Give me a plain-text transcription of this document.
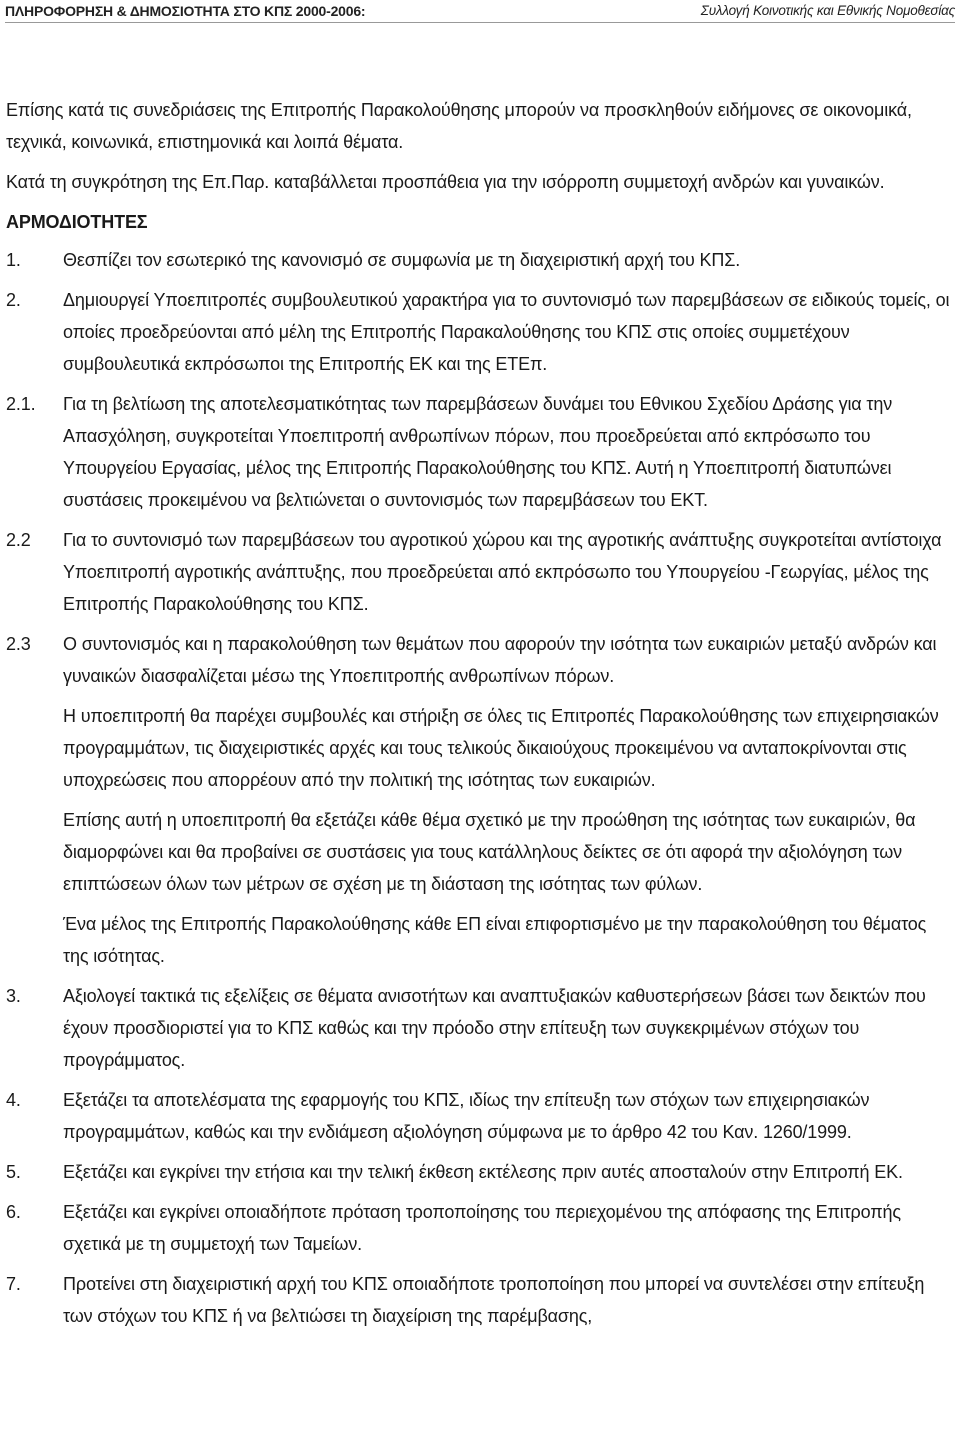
ΠΛΗΡΟΦΟΡΗΣΗ & ΔΗΜΟΣΙΟΤΗΤΑ ΣΤΟ ΚΠΣ 2000-2006:	Συλλογή Κοινοτικής και Εθνικής Νομοθεσίας

Επίσης κατά τις συνεδριάσεις της Επιτροπής Παρακολούθησης μπορούν να προσκληθούν ειδήμονες σε οικονομικά, τεχνικά, κοινωνικά, επιστημονικά και λοιπά θέματα.

Κατά τη συγκρότηση της Επ.Παρ. καταβάλλεται προσπάθεια για την ισόρροπη συμμετοχή ανδρών και γυναικών.

ΑΡΜΟΔΙΟΤΗΤΕΣ

1.	Θεσπίζει τον εσωτερικό της κανονισμό σε συμφωνία με τη διαχειριστική αρχή του ΚΠΣ.
2.	Δημιουργεί Υποεπιτροπές συμβουλευτικού χαρακτήρα για το συντονισμό των παρεμβάσεων σε ειδικούς τομείς, οι οποίες προεδρεύονται από μέλη της Επιτροπής Παρακαλούθησης του ΚΠΣ στις οποίες συμμετέχουν συμβουλευτικά εκπρόσωποι της Επιτροπής ΕΚ και της ΕΤΕπ.
2.1.	Για τη βελτίωση της αποτελεσματικότητας των παρεμβάσεων δυνάμει του Εθνικου Σχεδίου Δράσης για την Απασχόληση, συγκροτείται Υποεπιτροπή ανθρωπίνων πόρων, που προεδρεύεται από εκπρόσωπο του Υπουργείου Εργασίας, μέλος της Επιτροπής Παρακολούθησης του ΚΠΣ. Αυτή η Υποεπιτροπή διατυπώνει συστάσεις προκειμένου να βελτιώνεται ο συντονισμός των παρεμβάσεων του ΕΚΤ.
2.2	Για το συντονισμό των παρεμβάσεων του αγροτικού χώρου και της αγροτικής ανάπτυξης συγκροτείται αντίστοιχα Υποεπιτροπή αγροτικής ανάπτυξης, που προεδρεύεται από εκπρόσωπο του Υπουργείου -Γεωργίας, μέλος της Επιτροπής Παρακολούθησης του ΚΠΣ.
2.3	Ο συντονισμός και η παρακολούθηση των θεμάτων που αφορούν την ισότητα των ευκαιριών μεταξύ ανδρών και γυναικών διασφαλίζεται μέσω της Υποεπιτροπής ανθρωπίνων πόρων.

Η υποεπιτροπή θα παρέχει συμβουλές και στήριξη σε όλες τις Επιτροπές Παρακολούθησης των επιχειρησιακών προγραμμάτων, τις διαχειριστικές αρχές και τους τελικούς δικαιούχους προκειμένου να ανταποκρίνονται στις υποχρεώσεις που απορρέουν από την πολιτική της ισότητας των ευκαιριών.

Επίσης αυτή η υποεπιτροπή θα εξετάζει κάθε θέμα σχετικό με την προώθηση της ισότητας των ευκαιριών, θα διαμορφώνει και θα προβαίνει σε συστάσεις για τους κατάλληλους δείκτες σε ότι αφορά την αξιολόγηση των επιπτώσεων όλων των μέτρων σε σχέση με τη διάσταση της ισότητας των φύλων.

Ένα μέλος της Επιτροπής Παρακολούθησης κάθε ΕΠ είναι επιφορτισμένο με την παρακολούθηση του θέματος της ισότητας.

3.	Αξιολογεί τακτικά τις εξελίξεις σε θέματα ανισοτήτων και αναπτυξιακών καθυστερήσεων βάσει των δεικτών που έχουν προσδιοριστεί για το ΚΠΣ καθώς και την πρόοδο στην επίτευξη των συγκεκριμένων στόχων του προγράμματος.
4.	Εξετάζει τα αποτελέσματα της εφαρμογής του ΚΠΣ, ιδίως την επίτευξη των στόχων των επιχειρησιακών προγραμμάτων, καθώς και την ενδιάμεση αξιολόγηση σύμφωνα με το άρθρο 42 του Καν. 1260/1999.
5.	Εξετάζει και εγκρίνει την ετήσια και την τελική έκθεση εκτέλεσης πριν αυτές αποσταλούν στην Επιτροπή ΕΚ.
6.	Εξετάζει και εγκρίνει οποιαδήποτε πρόταση τροποποίησης του περιεχομένου της απόφασης της Επιτροπής σχετικά με τη συμμετοχή των Ταμείων.
7.	Προτείνει στη διαχειριστική αρχή του ΚΠΣ οποιαδήποτε τροποποίηση που μπορεί να συντελέσει στην επίτευξη των στόχων του ΚΠΣ ή να βελτιώσει τη διαχείριση της παρέμβασης,
